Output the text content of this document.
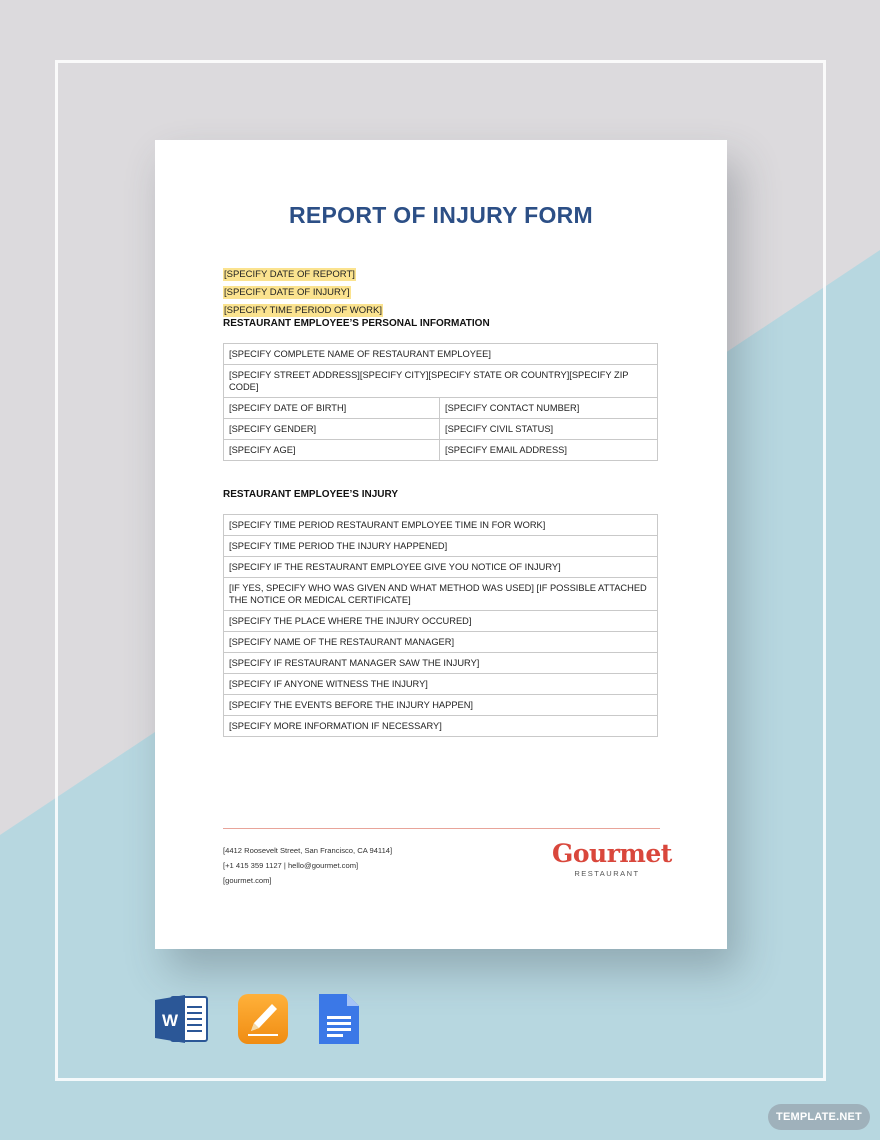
REPORT OF INJURY FORM
[SPECIFY DATE OF REPORT]
[SPECIFY DATE OF INJURY]
[SPECIFY TIME PERIOD OF WORK]
RESTAURANT EMPLOYEE’S PERSONAL INFORMATION
[SPECIFY COMPLETE NAME OF RESTAURANT EMPLOYEE]	
[SPECIFY STREET ADDRESS][SPECIFY CITY][SPECIFY STATE OR COUNTRY][SPECIFY ZIP CODE]	
[SPECIFY DATE OF BIRTH]	[SPECIFY CONTACT NUMBER]
[SPECIFY GENDER]	[SPECIFY CIVIL STATUS]
[SPECIFY AGE]	[SPECIFY EMAIL ADDRESS]
RESTAURANT EMPLOYEE’S INJURY
[SPECIFY TIME PERIOD RESTAURANT EMPLOYEE TIME IN FOR WORK]
[SPECIFY TIME PERIOD THE INJURY HAPPENED]
[SPECIFY IF THE RESTAURANT EMPLOYEE GIVE YOU NOTICE OF INJURY]
[IF YES, SPECIFY WHO WAS GIVEN AND WHAT METHOD WAS USED] [IF POSSIBLE ATTACHED THE NOTICE OR MEDICAL CERTIFICATE]
[SPECIFY THE PLACE WHERE THE INJURY OCCURED]
[SPECIFY NAME OF THE RESTAURANT MANAGER]
[SPECIFY IF RESTAURANT MANAGER SAW THE INJURY]
[SPECIFY IF ANYONE WITNESS THE INJURY]
[SPECIFY THE EVENTS BEFORE THE INJURY HAPPEN]
[SPECIFY MORE INFORMATION IF NECESSARY]
[4412 Roosevelt Street, San Francisco, CA 94114]
[+1 415 359 1127 | hello@gourmet.com]
[gourmet.com]
Gourmet
RESTAURANT
W
TEMPLATE.NET
